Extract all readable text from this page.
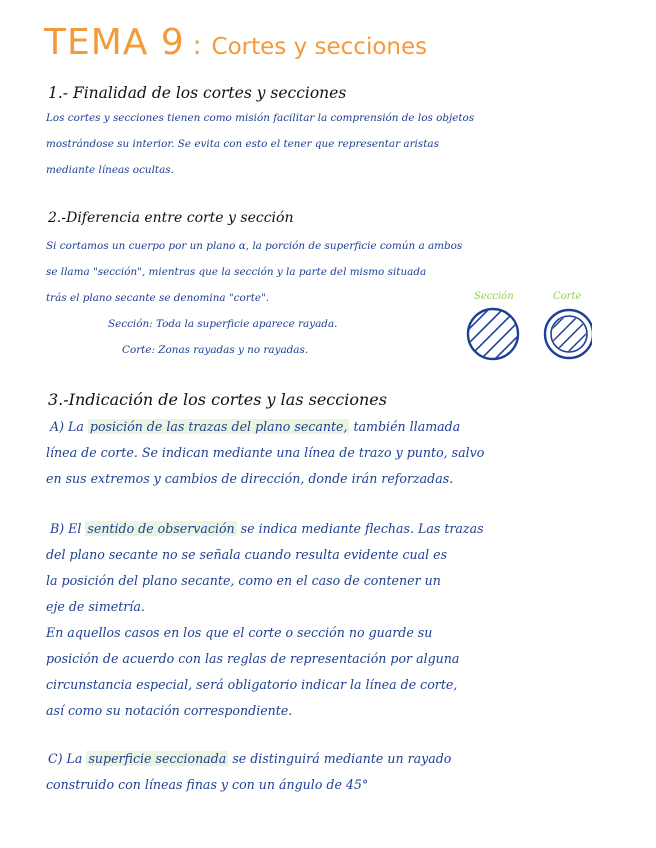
TEMA 9 : Cortes y secciones
1.- Finalidad de los cortes y secciones
Los cortes y secciones tienen como misión facilitar la comprensión de los objetos
mostrándose su interior. Se evita con esto el tener que representar aristas
mediante líneas ocultas.
2.-Diferencia entre corte y sección
Si cortamos un cuerpo por un plano α, la porción de superficie común a ambos
se llama "sección", mientras que la sección y la parte del mismo situada
trás el plano secante se denomina "corte".
Sección: Toda la superficie aparece rayada.
Corte: Zonas rayadas y no rayadas.
Sección	Corte
3.-Indicación de los cortes y las secciones
A) La posición de las trazas del plano secante, también llamada
línea de corte. Se indican mediante una línea de trazo y punto, salvo
en sus extremos y cambios de dirección, donde irán reforzadas.
B) El sentido de observación se indica mediante flechas. Las trazas
del plano secante no se señala cuando resulta evidente cual es
la posición del plano secante, como en el caso de contener un
eje de simetría.
En aquellos casos en los que el corte o sección no guarde su
posición de acuerdo con las reglas de representación por alguna
circunstancia especial, será obligatorio indicar la línea de corte,
así como su notación correspondiente.
C) La superficie seccionada se distinguirá mediante un rayado
construido con líneas finas y con un ángulo de 45°
